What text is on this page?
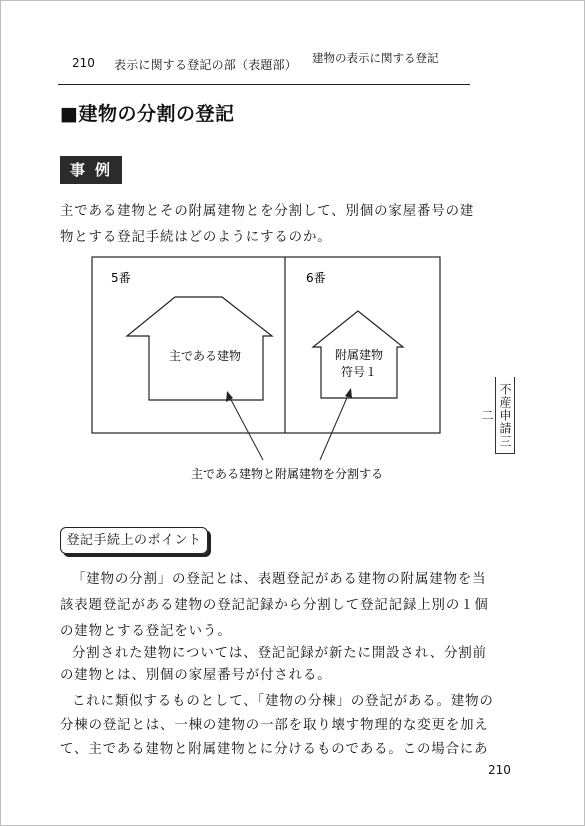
210 表示に関する登記の部（表題部） 建物の表示に関する登記
■建物の分割の登記
事例
主である建物とその附属建物とを分割して、別個の家屋番号の建
物とする登記手続はどのようにするのか。
5番	6番
主である建物	附属建物
符号１
主である建物と附属建物を分割する
不産申請三二
登記手続上のポイント
「建物の分割」の登記とは、表題登記がある建物の附属建物を当
該表題登記がある建物の登記記録から分割して登記記録上別の１個
の建物とする登記をいう。
分割された建物については、登記記録が新たに開設され、分割前
の建物とは、別個の家屋番号が付される。
これに類似するものとして、「建物の分棟」の登記がある。建物の
分棟の登記とは、一棟の建物の一部を取り壊す物理的な変更を加え
て、主である建物と附属建物とに分けるものである。この場合にあ
210
